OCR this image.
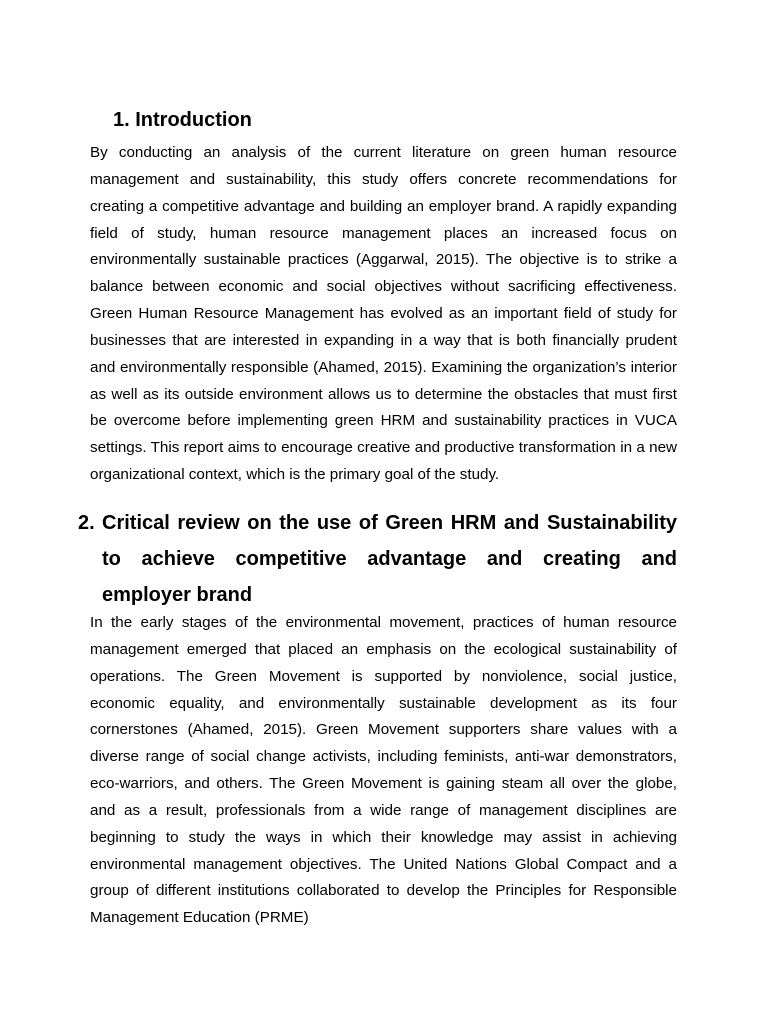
1. Introduction

By conducting an analysis of the current literature on green human resource management and sustainability, this study offers concrete recommendations for creating a competitive advantage and building an employer brand. A rapidly expanding field of study, human resource management places an increased focus on environmentally sustainable practices (Aggarwal, 2015). The objective is to strike a balance between economic and social objectives without sacrificing effectiveness. Green Human Resource Management has evolved as an important field of study for businesses that are interested in expanding in a way that is both financially prudent and environmentally responsible (Ahamed, 2015). Examining the organization’s interior as well as its outside environment allows us to determine the obstacles that must first be overcome before implementing green HRM and sustainability practices in VUCA settings. This report aims to encourage creative and productive transformation in a new organizational context, which is the primary goal of the study.

2. Critical review on the use of Green HRM and Sustainability to achieve competitive advantage and creating and employer brand

In the early stages of the environmental movement, practices of human resource management emerged that placed an emphasis on the ecological sustainability of operations. The Green Movement is supported by nonviolence, social justice, economic equality, and environmentally sustainable development as its four cornerstones (Ahamed, 2015). Green Movement supporters share values with a diverse range of social change activists, including feminists, anti-war demonstrators, eco-warriors, and others. The Green Movement is gaining steam all over the globe, and as a result, professionals from a wide range of management disciplines are beginning to study the ways in which their knowledge may assist in achieving environmental management objectives. The United Nations Global Compact and a group of different institutions collaborated to develop the Principles for Responsible Management Education (PRME)
